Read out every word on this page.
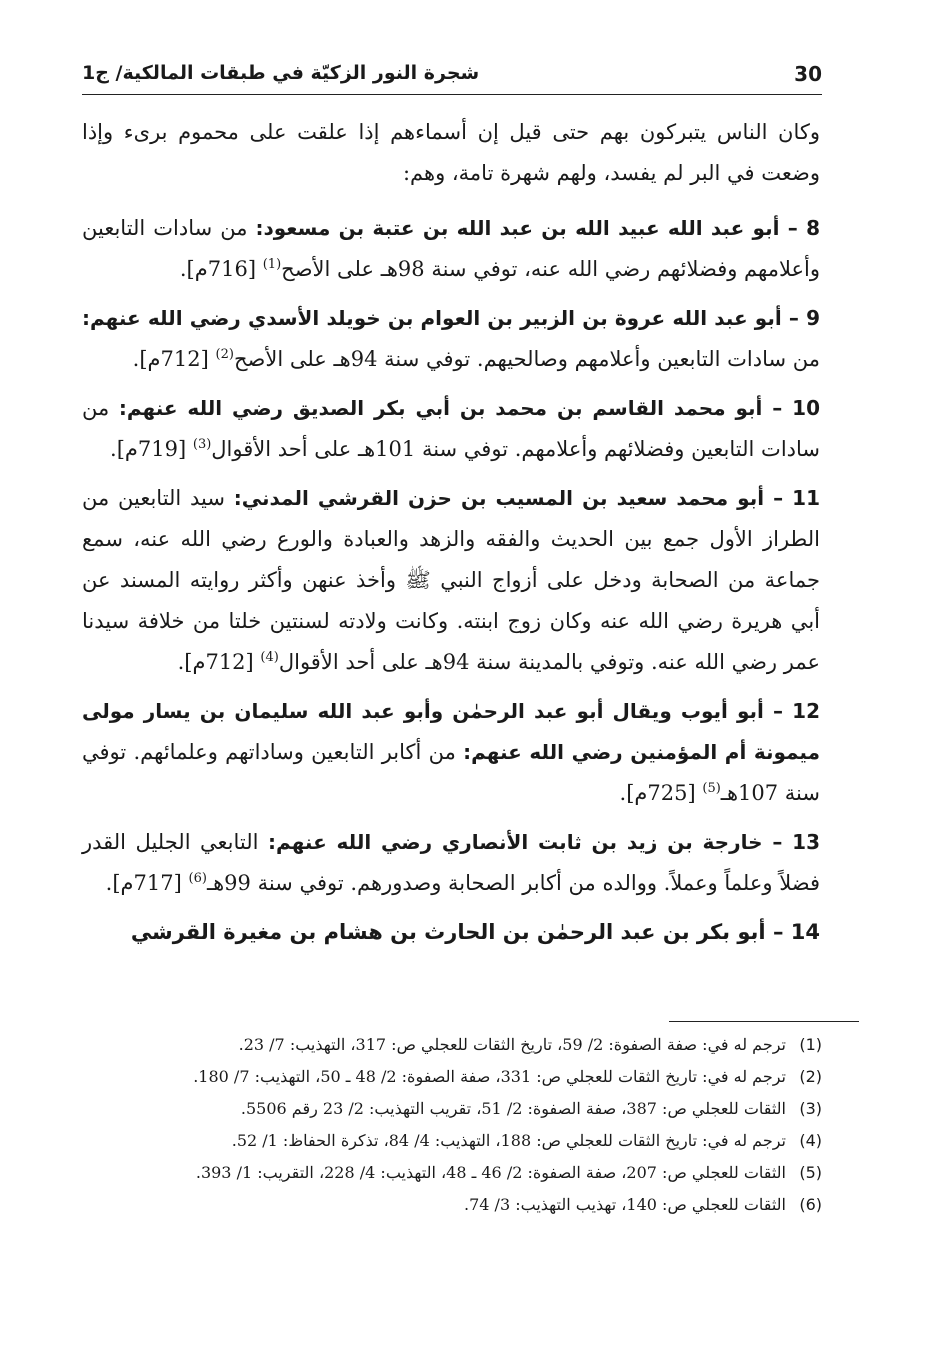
30
شجرة النور الزكيّة في طبقات المالكية/ ج1

وكان الناس يتبركون بهم حتى قيل إن أسماءهم إذا علقت على محموم برىء وإذا وضعت في البر لم يفسد، ولهم شهرة تامة، وهم:

8 – أبو عبد الله عبيد الله بن عبد الله بن عتبة بن مسعود: من سادات التابعين وأعلامهم وفضلائهم رضي الله عنه، توفي سنة 98هـ على الأصح$^{(1)}$ [716م].

9 – أبو عبد الله عروة بن الزبير بن العوام بن خويلد الأسدي رضي الله عنهم: من سادات التابعين وأعلامهم وصالحيهم. توفي سنة 94هـ على الأصح$^{(2)}$ [712م].

10 – أبو محمد القاسم بن محمد بن أبي بكر الصديق رضي الله عنهم: من سادات التابعين وفضلائهم وأعلامهم. توفي سنة 101هـ على أحد الأقوال$^{(3)}$ [719م].

11 – أبو محمد سعيد بن المسيب بن حزن القرشي المدني: سيد التابعين من الطراز الأول جمع بين الحديث والفقه والزهد والعبادة والورع رضي الله عنه، سمع جماعة من الصحابة ودخل على أزواج النبي ﷺ وأخذ عنهن وأكثر روايته المسند عن أبي هريرة رضي الله عنه وكان زوج ابنته. وكانت ولادته لسنتين خلتا من خلافة سيدنا عمر رضي الله عنه. وتوفي بالمدينة سنة 94هـ على أحد الأقوال$^{(4)}$ [712م].

12 – أبو أيوب ويقال أبو عبد الرحمٰن وأبو عبد الله سليمان بن يسار مولى ميمونة أم المؤمنين رضي الله عنهم: من أكابر التابعين وساداتهم وعلمائهم. توفي سنة 107هـ$^{(5)}$ [725م].

13 – خارجة بن زيد بن ثابت الأنصاري رضي الله عنهم: التابعي الجليل القدر فضلاً وعلماً وعملاً. ووالده من أكابر الصحابة وصدورهم. توفي سنة 99هـ$^{(6)}$ [717م].

14 – أبو بكر بن عبد الرحمٰن بن الحارث بن هشام بن مغيرة القرشي

(1)
ترجم له في: صفة الصفوة: 2/ 59، تاريخ الثقات للعجلي ص: 317، التهذيب: 7/ 23.
(2)
ترجم له في: تاريخ الثقات للعجلي ص: 331، صفة الصفوة: 2/ 48 ـ 50، التهذيب: 7/ 180.
(3)
الثقات للعجلي ص: 387، صفة الصفوة: 2/ 51، تقريب التهذيب: 2/ 23 رقم 5506.
(4)
ترجم له في: تاريخ الثقات للعجلي ص: 188، التهذيب: 4/ 84، تذكرة الحفاظ: 1/ 52.
(5)
الثقات للعجلي ص: 207، صفة الصفوة: 2/ 46 ـ 48، التهذيب: 4/ 228، التقريب: 1/ 393.
(6)
الثقات للعجلي ص: 140، تهذيب التهذيب: 3/ 74.
